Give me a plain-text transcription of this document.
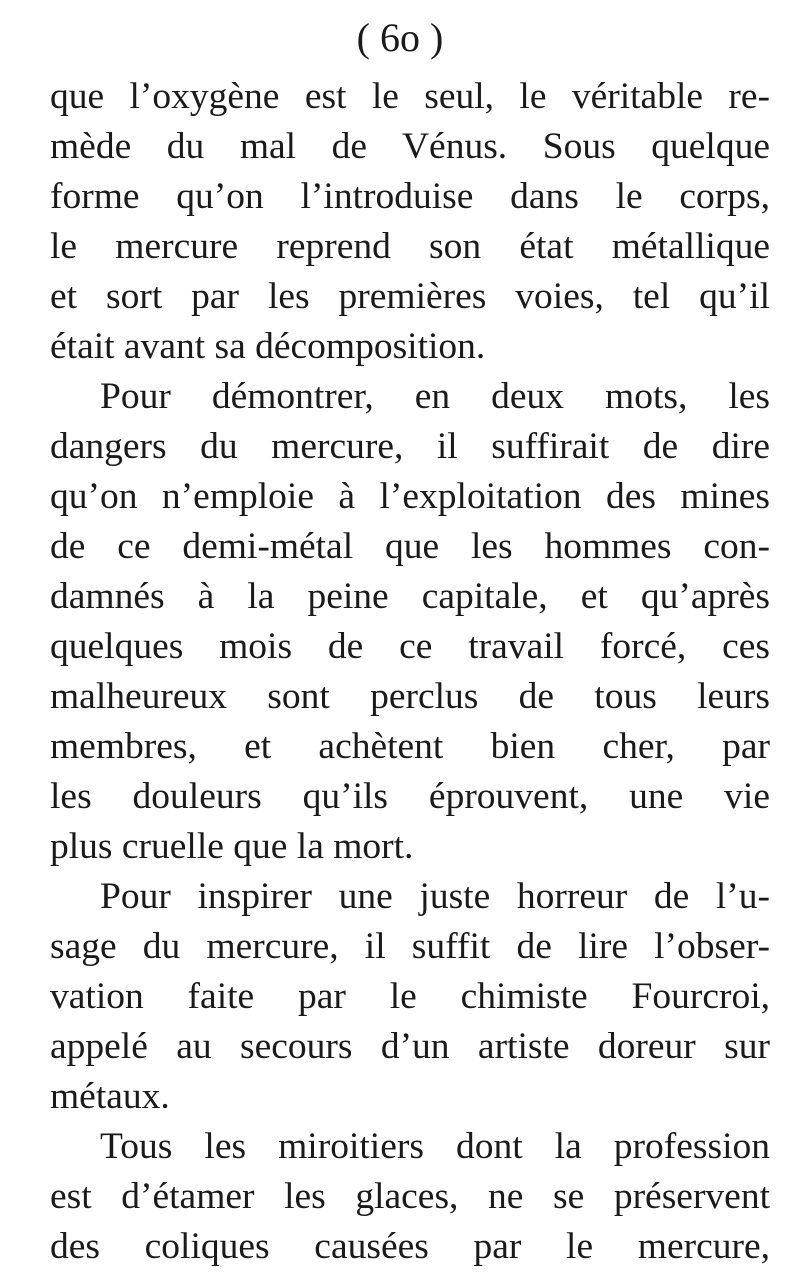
( 6o )
que l’oxygène est le seul, le véritable re-
mède du mal de Vénus. Sous quelque
forme qu’on l’introduise dans le corps,
le mercure reprend son état métallique
et sort par les premières voies, tel qu’il
était avant sa décomposition.
Pour démontrer, en deux mots, les
dangers du mercure, il suffirait de dire
qu’on n’emploie à l’exploitation des mines
de ce demi-métal que les hommes con-
damnés à la peine capitale, et qu’après
quelques mois de ce travail forcé, ces
malheureux sont perclus de tous leurs
membres, et achètent bien cher, par
les douleurs qu’ils éprouvent, une vie
plus cruelle que la mort.
Pour inspirer une juste horreur de l’u-
sage du mercure, il suffit de lire l’obser-
vation faite par le chimiste Fourcroi,
appelé au secours d’un artiste doreur sur
métaux.
Tous les miroitiers dont la profession
est d’étamer les glaces, ne se préservent
des coliques causées par le mercure,
